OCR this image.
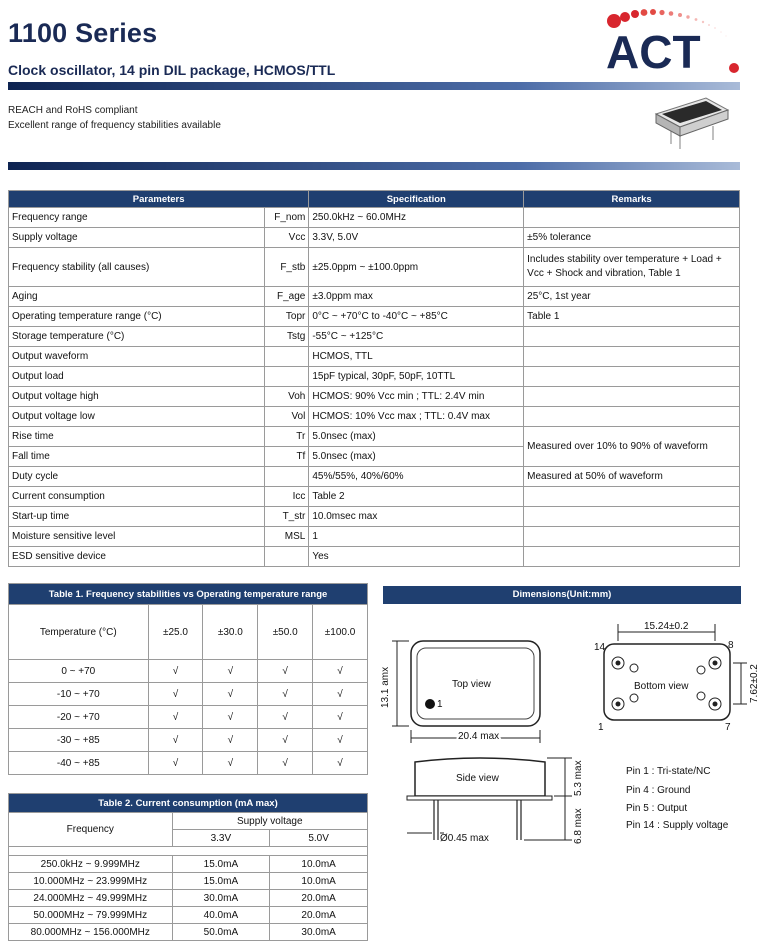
1100 Series
Clock oscillator, 14 pin DIL package, HCMOS/TTL	ACT
REACH and RoHS compliant
Excellent range of frequency stabilities available
Parameters		Specification	Remarks
Frequency range	F_nom	250.0kHz ~ 60.0MHz	
Supply voltage	Vcc	3.3V, 5.0V	±5% tolerance
Frequency stability (all causes)	F_stb	±25.0ppm ~ ±100.0ppm	Includes stability over temperature + Load + Vcc + Shock and vibration, Table 1
Aging	F_age	±3.0ppm max	25°C, 1st year
Operating temperature range (°C)	Topr	0°C ~ +70°C to -40°C ~ +85°C	Table 1
Storage temperature (°C)	Tstg	-55°C ~ +125°C	
Output waveform		HCMOS, TTL	
Output load		15pF typical, 30pF, 50pF, 10TTL	
Output voltage high	Voh	HCMOS: 90% Vcc min ; TTL: 2.4V min	
Output voltage low	Vol	HCMOS: 10% Vcc max ; TTL: 0.4V max	
Rise time	Tr	5.0nsec (max)	Measured over 10% to 90% of waveform
Fall time	Tf	5.0nsec (max)	
Duty cycle		45%/55%, 40%/60%	Measured at 50% of waveform
Current consumption	Icc	Table 2	
Start-up time	T_str	10.0msec max	
Moisture sensitive level	MSL	1	
ESD sensitive device		Yes	
Table 1. Frequency stabilities vs Operating temperature range				
Temperature (°C)	±25.0	±30.0	±50.0	±100.0
0 ~ +70	√	√	√	√
-10 ~ +70	√	√	√	√
-20 ~ +70	√	√	√	√
-30 ~ +85	√	√	√	√
-40 ~ +85	√	√	√	√
Table 2. Current consumption (mA max)		
Frequency	Supply voltage	
	3.3V	5.0V

250.0kHz ~ 9.999MHz	15.0mA	10.0mA
10.000MHz ~ 23.999MHz	15.0mA	10.0mA
24.000MHz ~ 49.999MHz	30.0mA	20.0mA
50.000MHz ~ 79.999MHz	40.0mA	20.0mA
80.000MHz ~ 156.000MHz	50.0mA	30.0mA
Dimensions(Unit:mm)
1
Top view
13.1 amx
20.4 max
Bottom view
14	8
1	7
15.24±0.2
7.62±0.2
Side view
Ø0.45 max
5.3 max
6.8 max
Pin 1 : Tri-state/NC
Pin 4 : Ground
Pin 5 : Output
Pin 14 : Supply voltage
